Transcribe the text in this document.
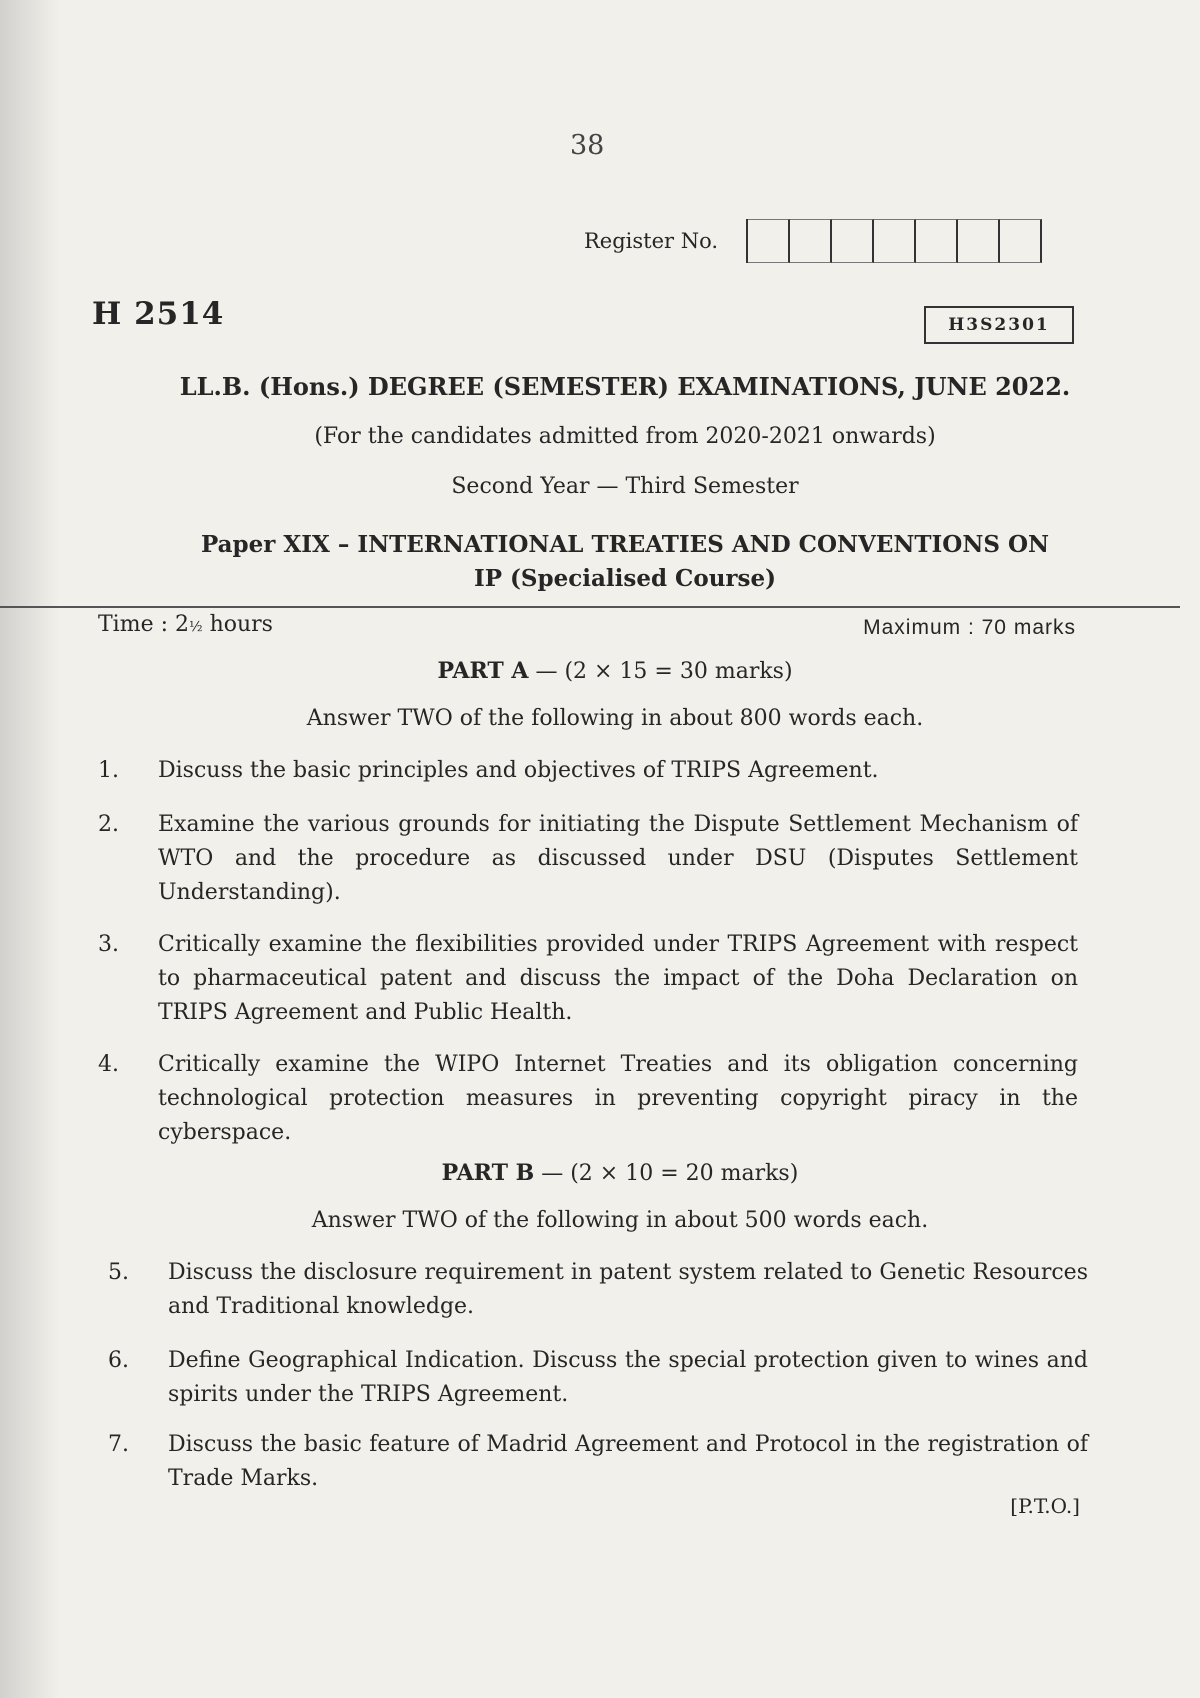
38
Register No.
H 2514	H3S2301
LL.B. (Hons.) DEGREE (SEMESTER) EXAMINATIONS, JUNE 2022.
(For the candidates admitted from 2020-2021 onwards)
Second Year — Third Semester
Paper XIX – INTERNATIONAL TREATIES AND CONVENTIONS ON
IP (Specialised Course)
Time : 2½ hours	Maximum : 70 marks
PART A — (2 × 15 = 30 marks)
Answer TWO of the following in about 800 words each.
1.	Discuss the basic principles and objectives of TRIPS Agreement.
2.	Examine the various grounds for initiating the Dispute Settlement Mechanism of WTO and the procedure as discussed under DSU (Disputes Settlement Understanding).
3.	Critically examine the flexibilities provided under TRIPS Agreement with respect to pharmaceutical patent and discuss the impact of the Doha Declaration on TRIPS Agreement and Public Health.
4.	Critically examine the WIPO Internet Treaties and its obligation concerning technological protection measures in preventing copyright piracy in the cyberspace.
PART B — (2 × 10 = 20 marks)
Answer TWO of the following in about 500 words each.
5.	Discuss the disclosure requirement in patent system related to Genetic Resources and Traditional knowledge.
6.	Define Geographical Indication. Discuss the special protection given to wines and spirits under the TRIPS Agreement.
7.	Discuss the basic feature of Madrid Agreement and Protocol in the registration of Trade Marks.
[P.T.O.]
